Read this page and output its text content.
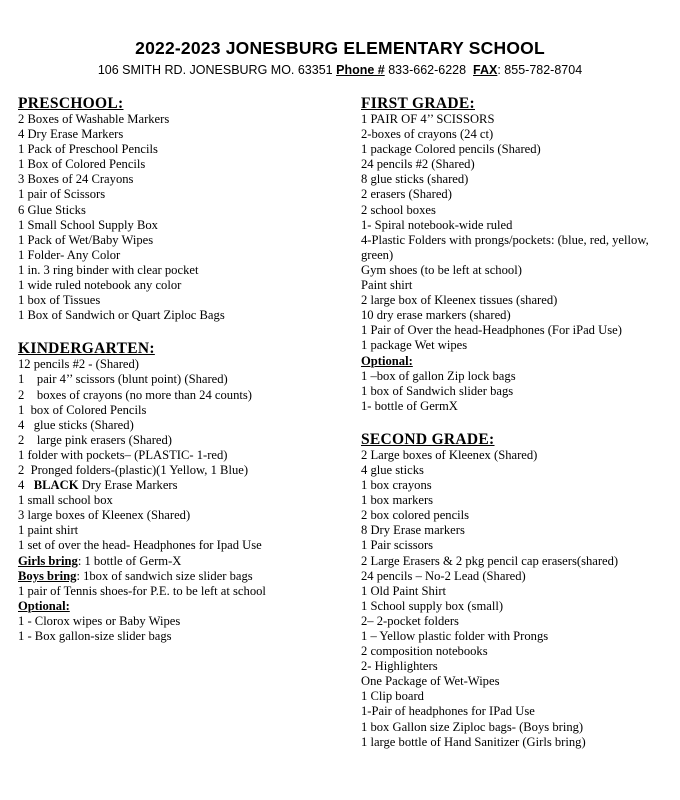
2022-2023 JONESBURG ELEMENTARY SCHOOL
106 SMITH RD. JONESBURG MO. 63351 Phone # 833-662-6228 FAX: 855-782-8704
PRESCHOOL:
2 Boxes of Washable Markers
4 Dry Erase Markers
1 Pack of Preschool Pencils
1 Box of Colored Pencils
3 Boxes of 24 Crayons
1 pair of Scissors
6 Glue Sticks
1 Small School Supply Box
1 Pack of Wet/Baby Wipes
1 Folder- Any Color
1 in. 3 ring binder with clear pocket
1 wide ruled notebook any color
1 box of Tissues
1 Box of Sandwich or Quart Ziploc Bags
KINDERGARTEN:
12 pencils #2 - (Shared)
1    pair 4’’ scissors (blunt point) (Shared)
2    boxes of crayons (no more than 24 counts)
1  box of Colored Pencils
4   glue sticks (Shared)
2    large pink erasers (Shared)
1 folder with pockets– (PLASTIC- 1-red)
2  Pronged folders-(plastic)(1 Yellow, 1 Blue)
4   BLACK Dry Erase Markers
1 small school box
3 large boxes of Kleenex (Shared)
1 paint shirt
1 set of over the head- Headphones for Ipad Use
Girls bring: 1 bottle of Germ-X
Boys bring: 1box of sandwich size slider bags
1 pair of Tennis shoes-for P.E. to be left at school
Optional:
1 - Clorox wipes or Baby Wipes
1 - Box gallon-size slider bags
FIRST GRADE:
1 PAIR OF 4’’ SCISSORS
2-boxes of crayons (24 ct)
1 package Colored pencils (Shared)
24 pencils #2 (Shared)
8 glue sticks (shared)
2 erasers (Shared)
2 school boxes
1- Spiral notebook-wide ruled
4-Plastic Folders with prongs/pockets: (blue, red, yellow, green)
Gym shoes (to be left at school)
Paint shirt
2 large box of Kleenex tissues (shared)
10 dry erase markers (shared)
1 Pair of Over the head-Headphones (For iPad Use)
1 package Wet wipes
Optional:
1 –box of gallon Zip lock bags
1 box of Sandwich slider bags
1- bottle of GermX
SECOND GRADE:
2 Large boxes of Kleenex (Shared)
4 glue sticks
1 box crayons
1 box markers
2 box colored pencils
8 Dry Erase markers
1 Pair scissors
2 Large Erasers & 2 pkg pencil cap erasers(shared)
24 pencils – No-2 Lead (Shared)
1 Old Paint Shirt
1 School supply box (small)
2– 2-pocket folders
1 – Yellow plastic folder with Prongs
2 composition notebooks
2- Highlighters
One Package of Wet-Wipes
1 Clip board
1-Pair of headphones for IPad Use
1 box Gallon size Ziploc bags- (Boys bring)
1 large bottle of Hand Sanitizer (Girls bring)
